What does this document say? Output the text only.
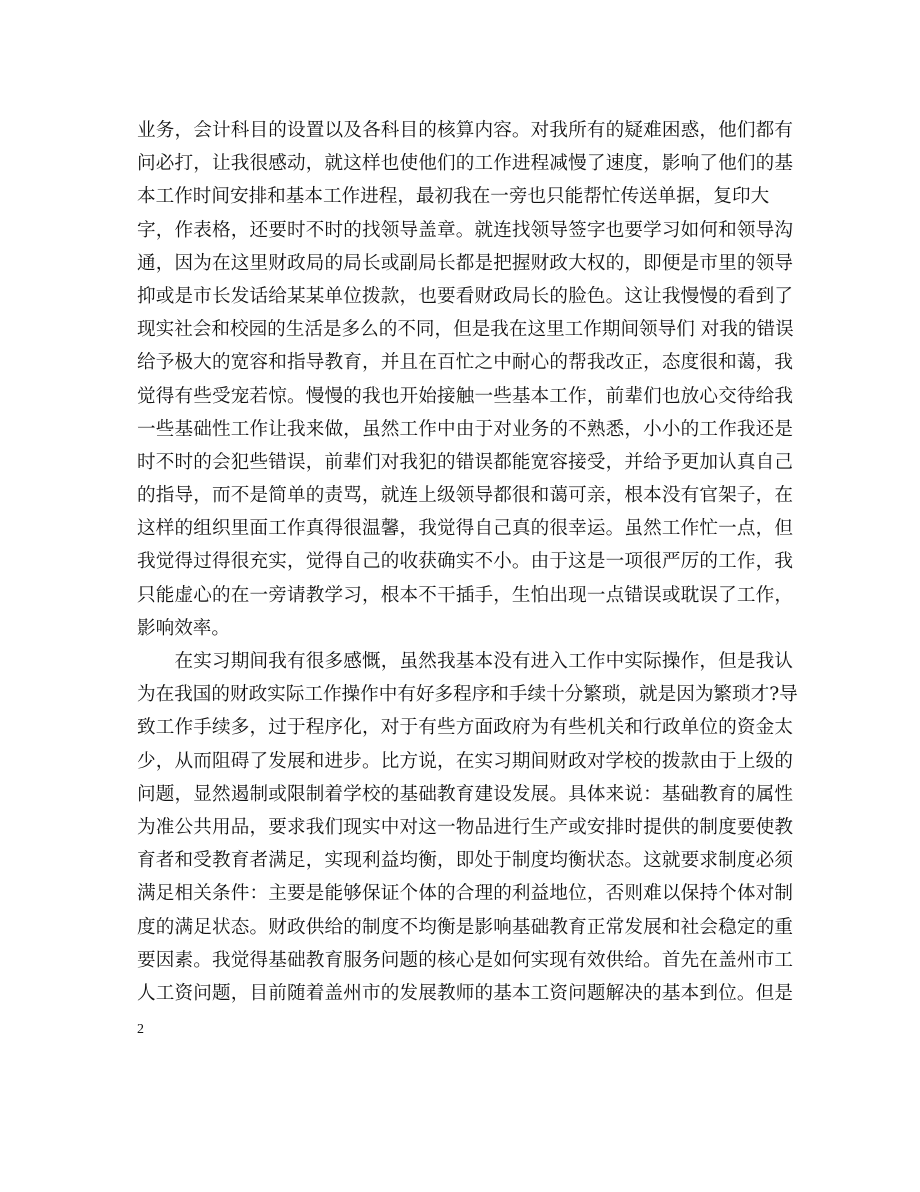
业务，会计科目的设置以及各科目的核算内容。对我所有的疑难困惑，他们都有
问必打，让我很感动，就这样也使他们的工作进程减慢了速度，影响了他们的基
本工作时间安排和基本工作进程，最初我在一旁也只能帮忙传送单据，复印大
字，作表格，还要时不时的找领导盖章。就连找领导签字也要学习如何和领导沟
通，因为在这里财政局的局长或副局长都是把握财政大权的，即便是市里的领导
抑或是市长发话给某某单位拨款，也要看财政局长的脸色。这让我慢慢的看到了
现实社会和校园的生活是多么的不同，但是我在这里工作期间领导们 对我的错误
给予极大的宽容和指导教育，并且在百忙之中耐心的帮我改正，态度很和蔼，我
觉得有些受宠若惊。慢慢的我也开始接触一些基本工作，前辈们也放心交待给我
一些基础性工作让我来做，虽然工作中由于对业务的不熟悉，小小的工作我还是
时不时的会犯些错误，前辈们对我犯的错误都能宽容接受，并给予更加认真自己
的指导，而不是简单的责骂，就连上级领导都很和蔼可亲，根本没有官架子，在
这样的组织里面工作真得很温馨，我觉得自己真的很幸运。虽然工作忙一点，但
我觉得过得很充实，觉得自己的收获确实不小。由于这是一项很严厉的工作，我
只能虚心的在一旁请教学习，根本不干插手，生怕出现一点错误或耽误了工作，
影响效率。
　　在实习期间我有很多感慨，虽然我基本没有进入工作中实际操作，但是我认
为在我国的财政实际工作操作中有好多程序和手续十分繁琐，就是因为繁琐才?导
致工作手续多，过于程序化，对于有些方面政府为有些机关和行政单位的资金太
少，从而阻碍了发展和进步。比方说，在实习期间财政对学校的拨款由于上级的
问题，显然遏制或限制着学校的基础教育建设发展。具体来说：基础教育的属性
为准公共用品，要求我们现实中对这一物品进行生产或安排时提供的制度要使教
育者和受教育者满足，实现利益均衡，即处于制度均衡状态。这就要求制度必须
满足相关条件：主要是能够保证个体的合理的利益地位，否则难以保持个体对制
度的满足状态。财政供给的制度不均衡是影响基础教育正常发展和社会稳定的重
要因素。我觉得基础教育服务问题的核心是如何实现有效供给。首先在盖州市工
人工资问题，目前随着盖州市的发展教师的基本工资问题解决的基本到位。但是
2
